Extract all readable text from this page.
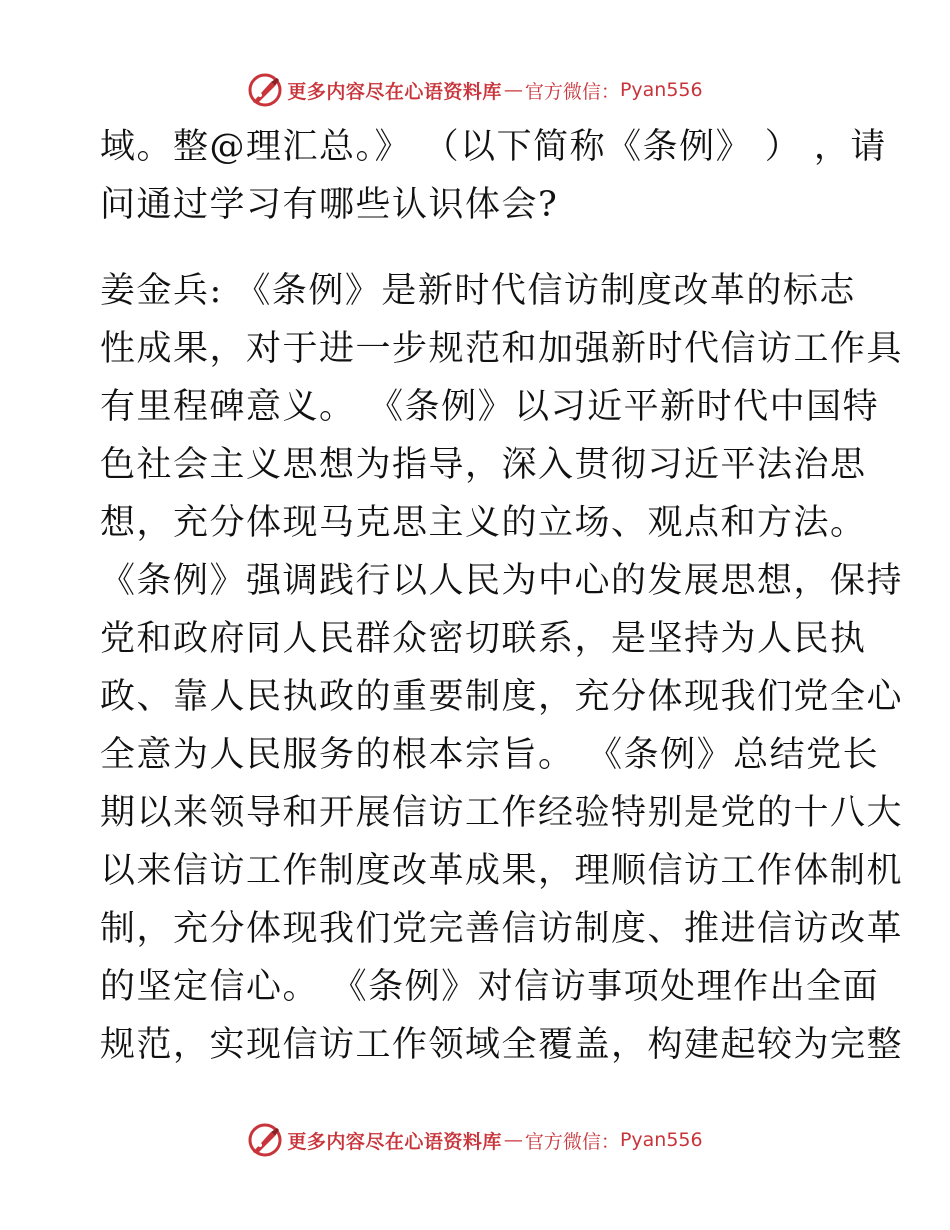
更多内容尽在心语资料库 — 官方微信： Pyan556
域。整@理汇总。》 （以下简称《条例》 ） ，请
问通过学习有哪些认识体会?
姜金兵: 《条例》是新时代信访制度改革的标志
性成果，对于进一步规范和加强新时代信访工作具
有里程碑意义。 《条例》以习近平新时代中国特
色社会主义思想为指导，深入贯彻习近平法治思
想，充分体现马克思主义的立场、观点和方法。
《条例》强调践行以人民为中心的发展思想，保持
党和政府同人民群众密切联系，是坚持为人民执
政、靠人民执政的重要制度，充分体现我们党全心
全意为人民服务的根本宗旨。 《条例》总结党长
期以来领导和开展信访工作经验特别是党的十八大
以来信访工作制度改革成果，理顺信访工作体制机
制，充分体现我们党完善信访制度、推进信访改革
的坚定信心。 《条例》对信访事项处理作出全面
规范，实现信访工作领域全覆盖，构建起较为完整
更多内容尽在心语资料库 — 官方微信： Pyan556
